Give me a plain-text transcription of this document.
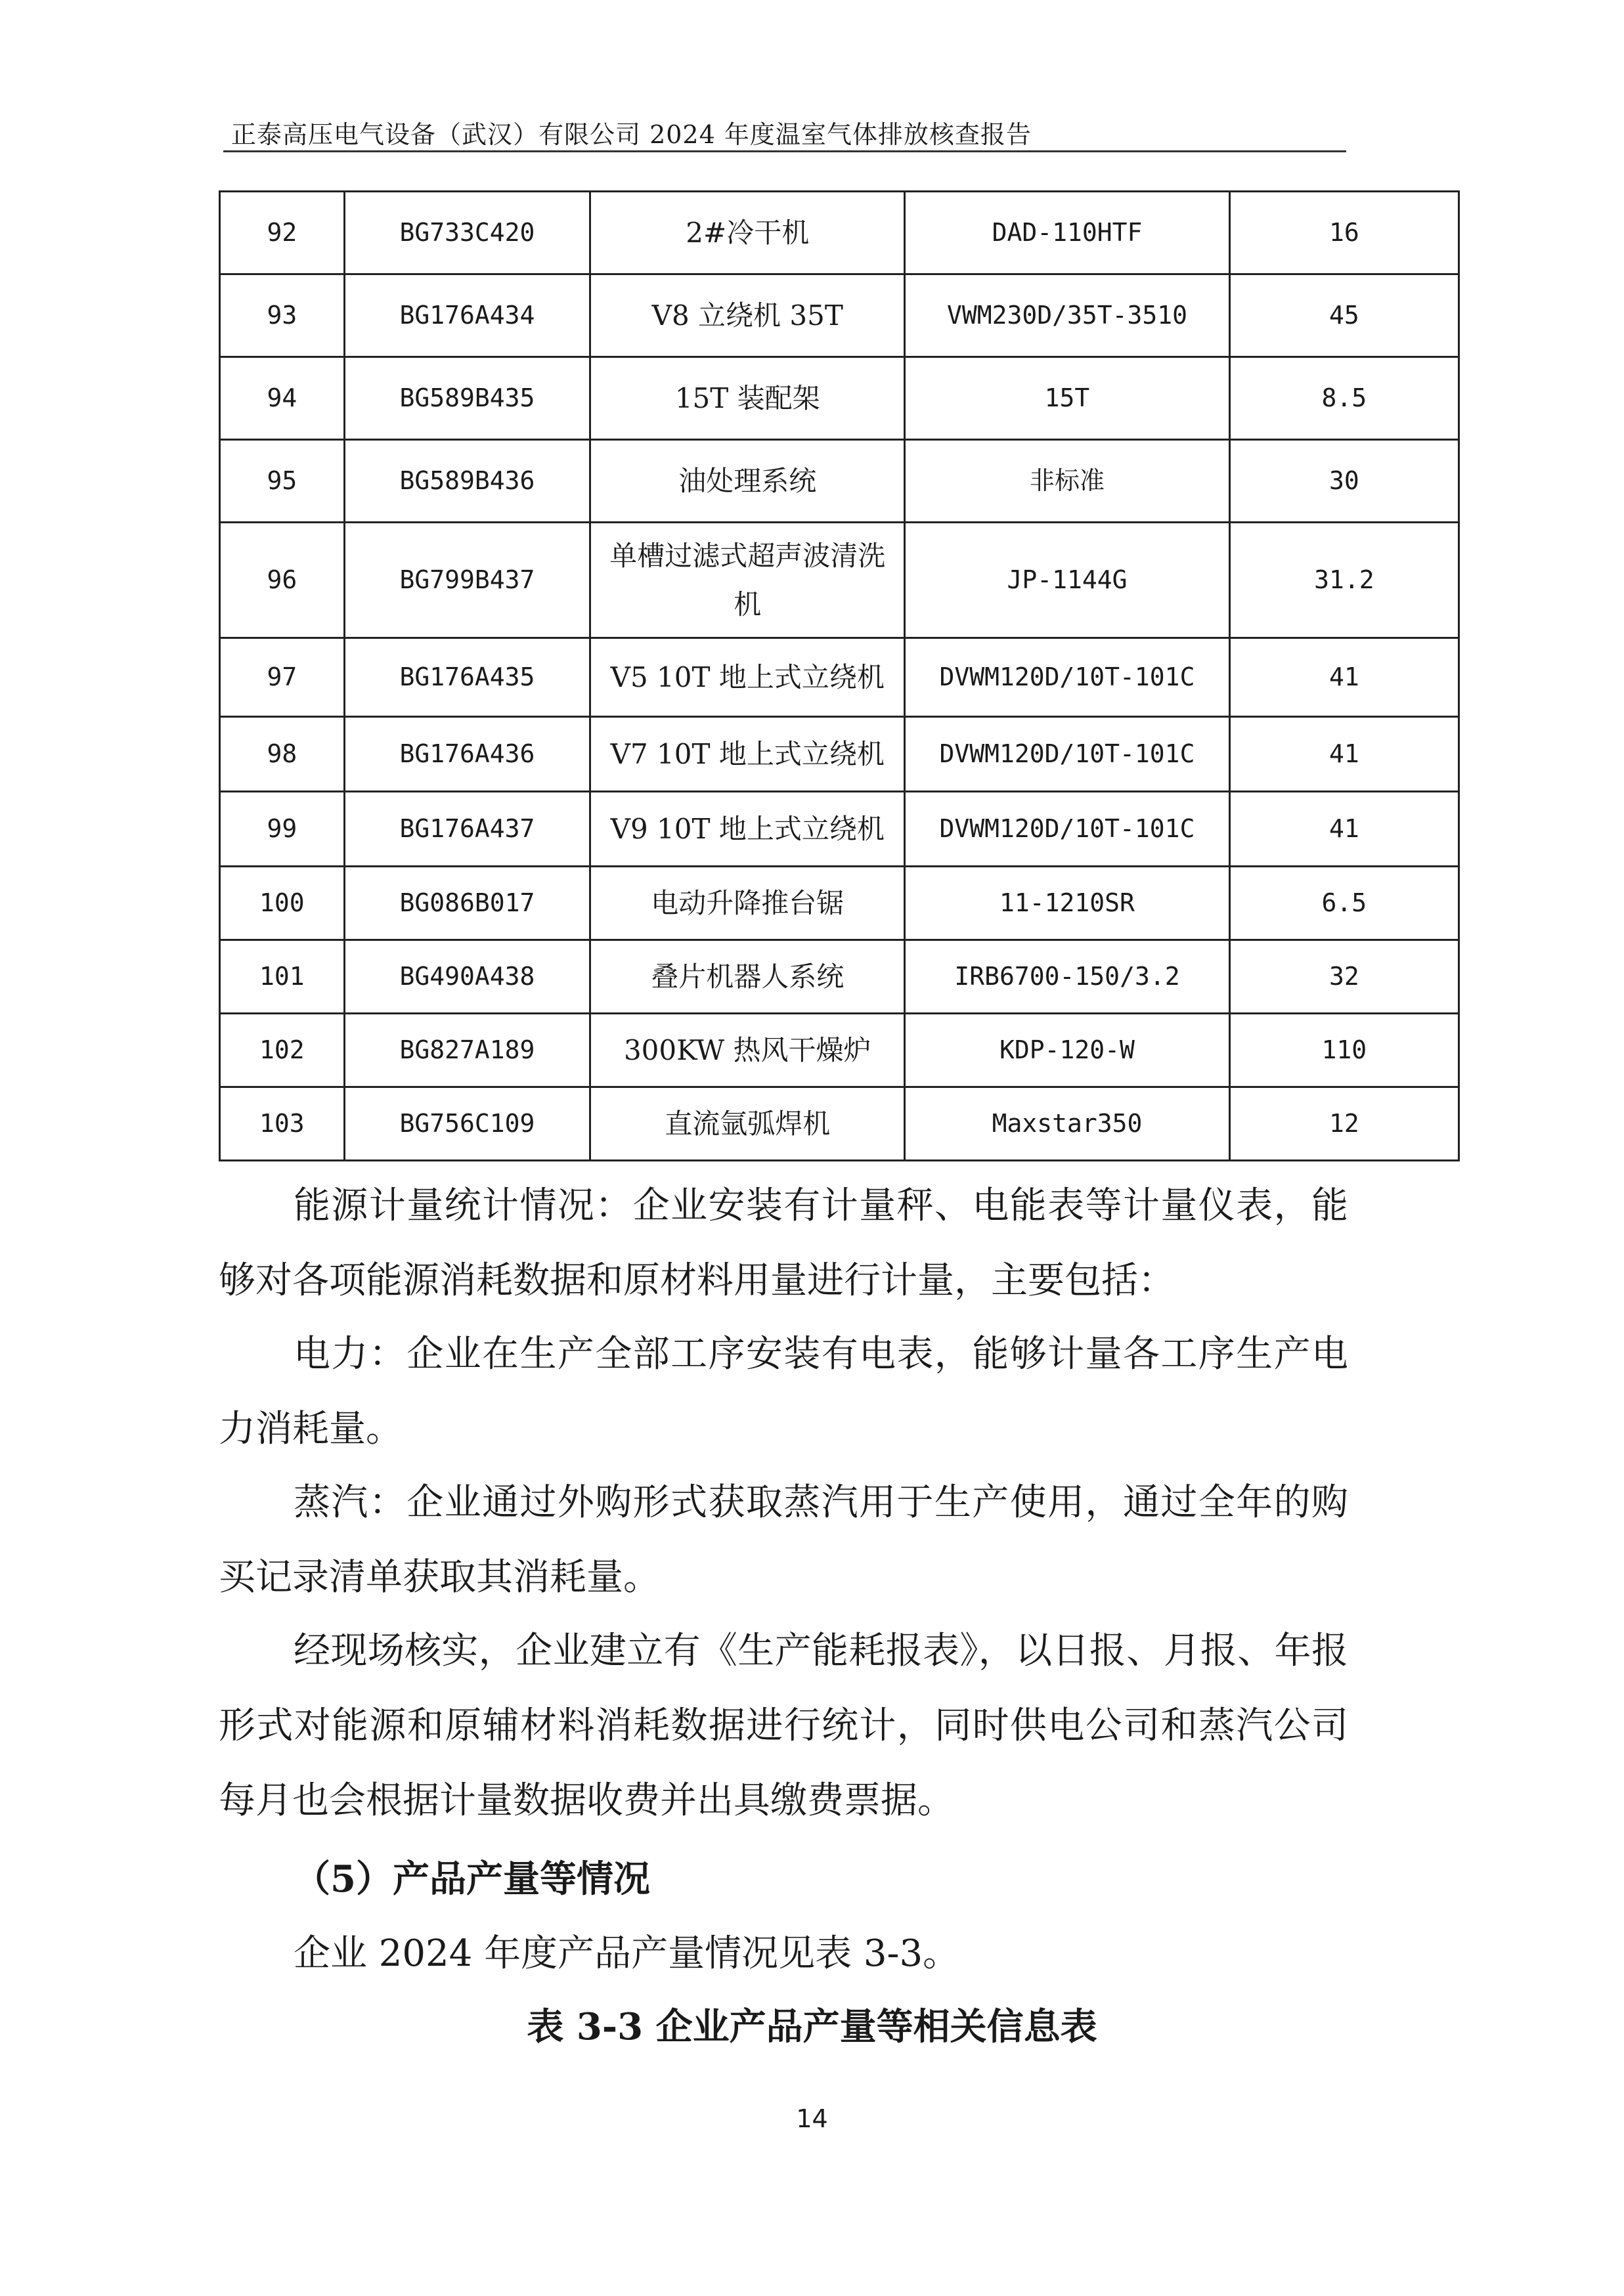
正泰高压电气设备（武汉）有限公司 2024 年度温室气体排放核查报告
92	BG733C420	2#冷干机	DAD-110HTF	16
93	BG176A434	V8 立绕机 35T	VWM230D/35T-3510	45
94	BG589B435	15T 装配架	15T	8.5
95	BG589B436	油处理系统	非标准	30
96	BG799B437	单槽过滤式超声波清洗机	JP-1144G	31.2
97	BG176A435	V5 10T 地上式立绕机	DVWM120D/10T-101C	41
98	BG176A436	V7 10T 地上式立绕机	DVWM120D/10T-101C	41
99	BG176A437	V9 10T 地上式立绕机	DVWM120D/10T-101C	41
100	BG086B017	电动升降推台锯	11-1210SR	6.5
101	BG490A438	叠片机器人系统	IRB6700-150/3.2	32
102	BG827A189	300KW 热风干燥炉	KDP-120-W	110
103	BG756C109	直流氩弧焊机	Maxstar350	12

能源计量统计情况：企业安装有计量秤、电能表等计量仪表，能够对各项能源消耗数据和原材料用量进行计量，主要包括：

电力：企业在生产全部工序安装有电表，能够计量各工序生产电力消耗量。

蒸汽：企业通过外购形式获取蒸汽用于生产使用，通过全年的购买记录清单获取其消耗量。

经现场核实，企业建立有《生产能耗报表》，以日报、月报、年报形式对能源和原辅材料消耗数据进行统计，同时供电公司和蒸汽公司每月也会根据计量数据收费并出具缴费票据。

（5）产品产量等情况

企业 2024 年度产品产量情况见表 3-3。

表 3-3 企业产品产量等相关信息表
14
